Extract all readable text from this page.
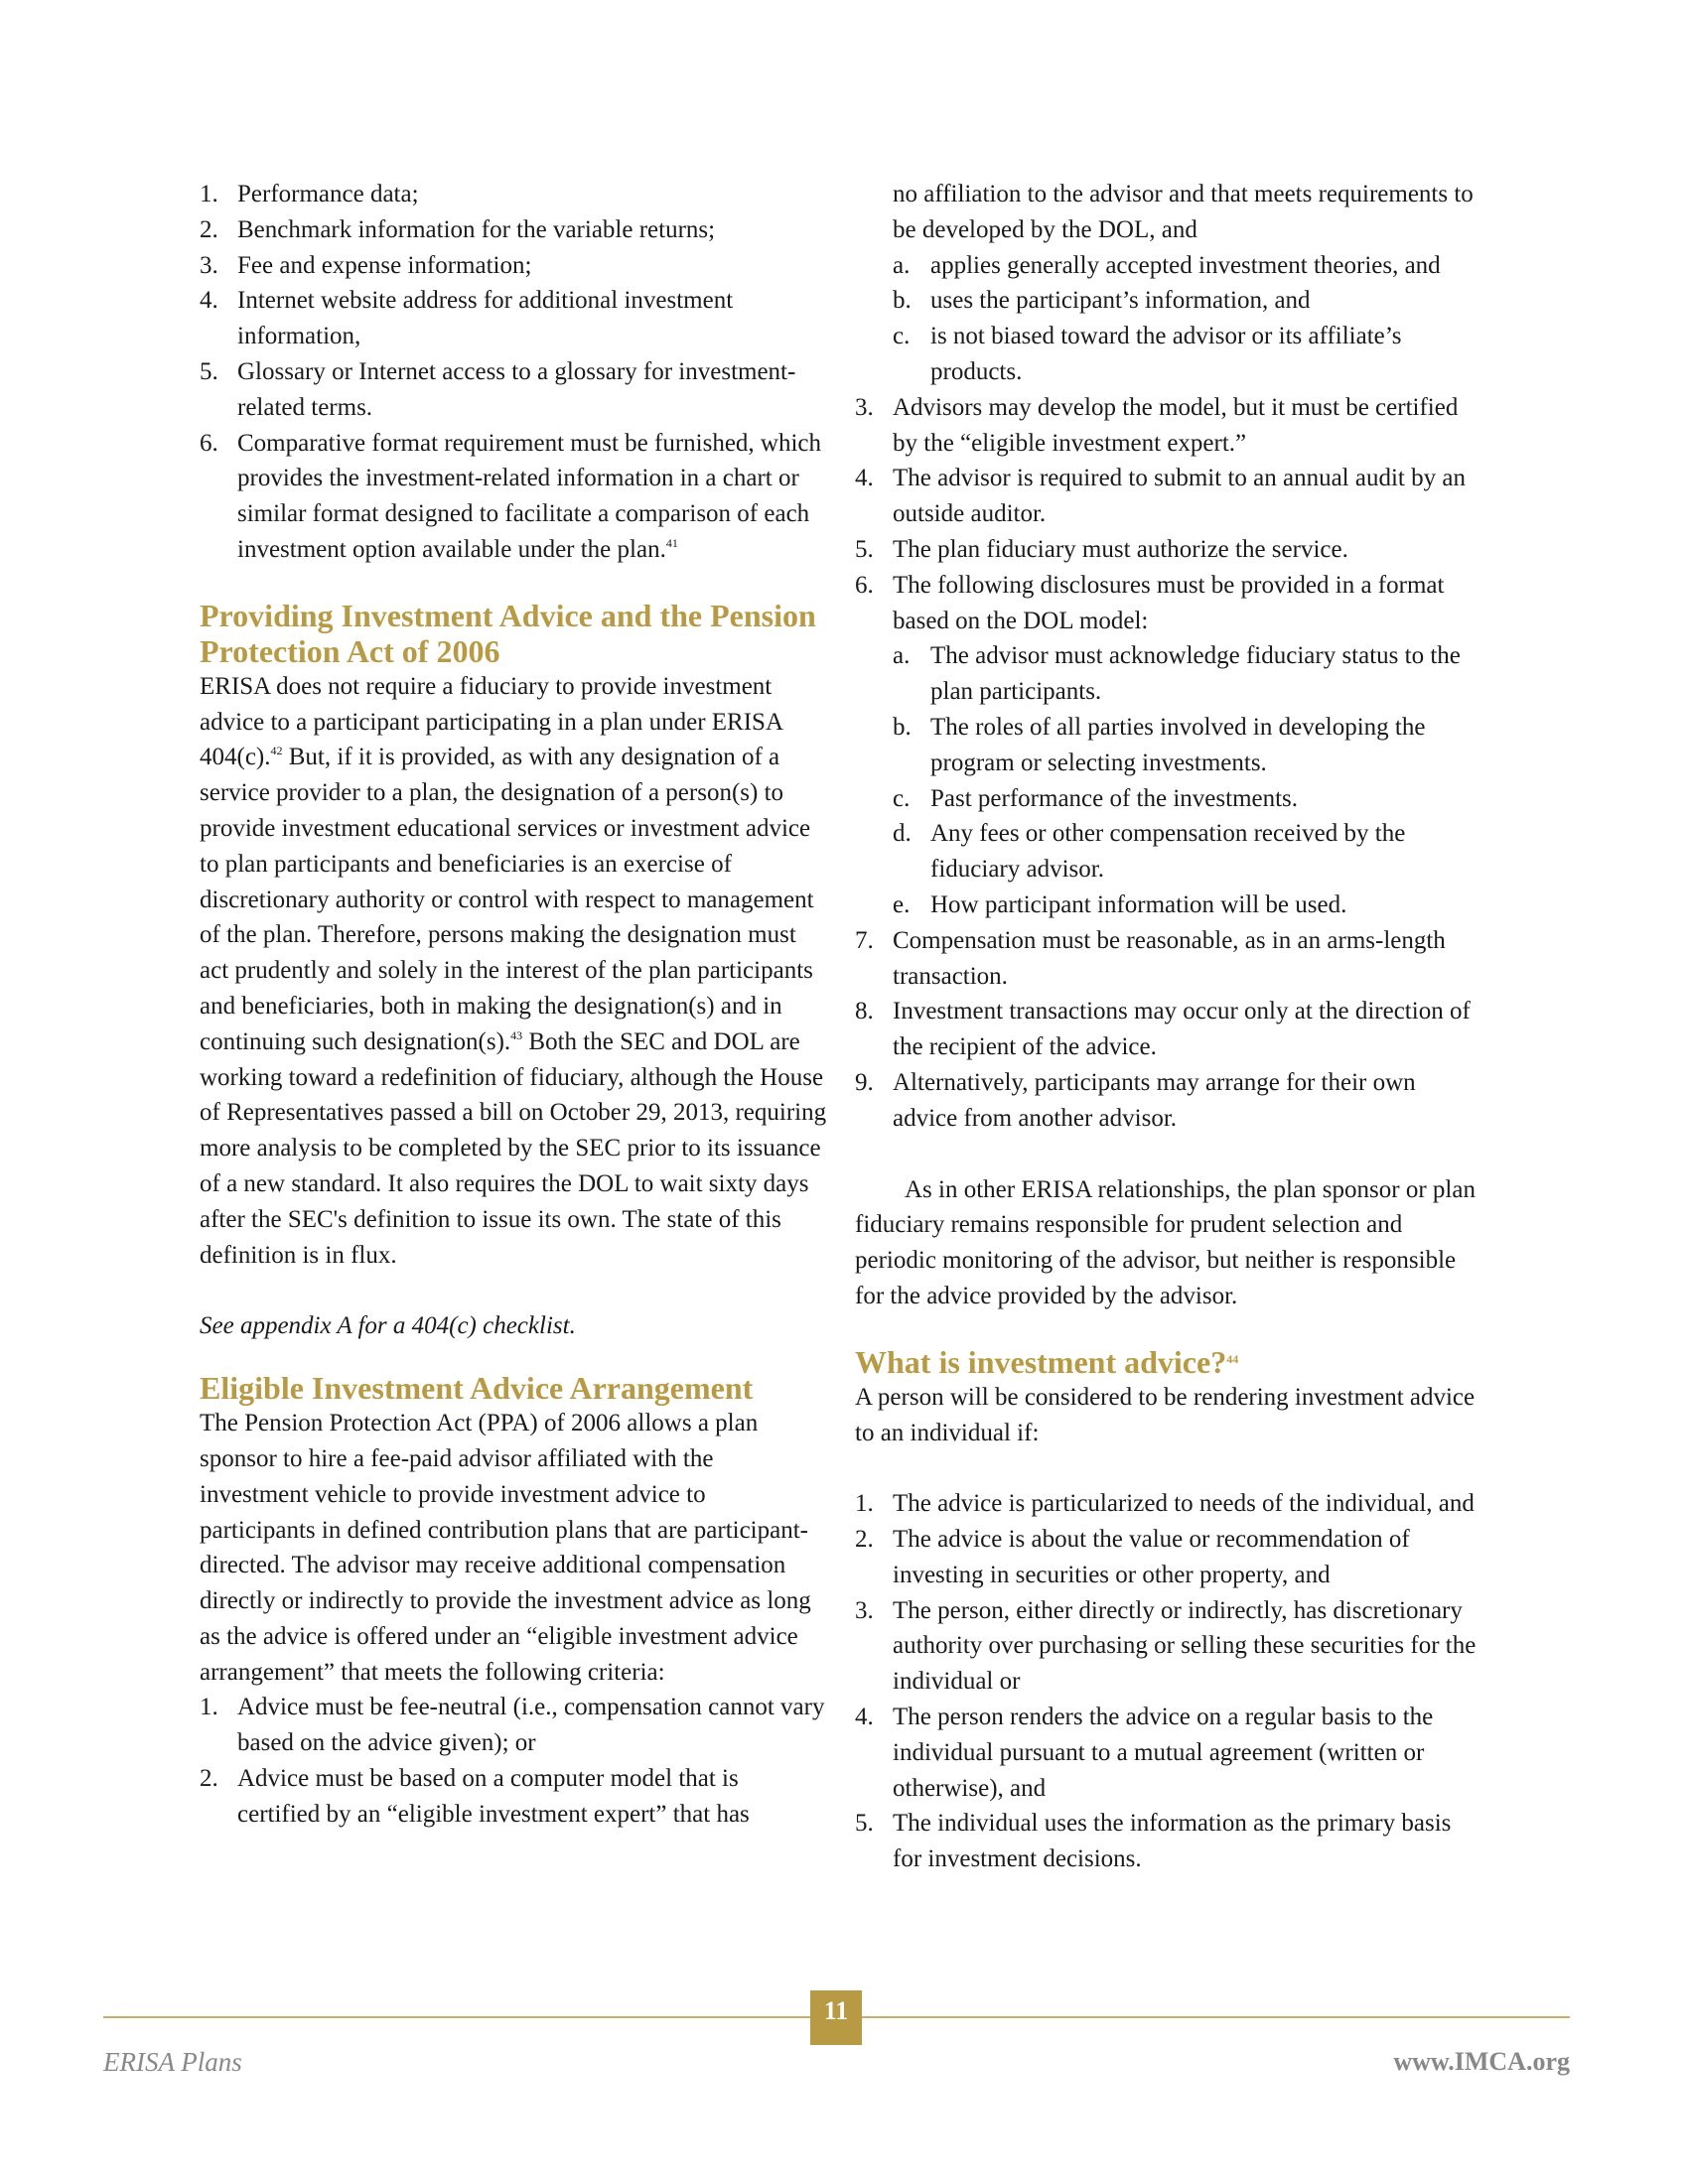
1. Performance data;
2. Benchmark information for the variable returns;
3. Fee and expense information;
4. Internet website address for additional investment information,
5. Glossary or Internet access to a glossary for investment-related terms.
6. Comparative format requirement must be furnished, which provides the investment-related information in a chart or similar format designed to facilitate a comparison of each investment option available under the plan.$^{41}$
Providing Investment Advice and the Pension Protection Act of 2006

ERISA does not require a fiduciary to provide investment advice to a participant participating in a plan under ERISA 404(c).$^{42}$ But, if it is provided, as with any designation of a service provider to a plan, the designation of a person(s) to provide investment educational services or investment advice to plan participants and beneficiaries is an exercise of discretionary authority or control with respect to management of the plan. Therefore, persons making the designation must act prudently and solely in the interest of the plan participants and beneficiaries, both in making the designation(s) and in continuing such designation(s).$^{43}$ Both the SEC and DOL are working toward a redefinition of fiduciary, although the House of Representatives passed a bill on October 29, 2013, requiring more analysis to be completed by the SEC prior to its issuance of a new standard. It also requires the DOL to wait sixty days after the SEC's definition to issue its own. The state of this definition is in flux.

See appendix A for a 404(c) checklist.

Eligible Investment Advice Arrangement

The Pension Protection Act (PPA) of 2006 allows a plan sponsor to hire a fee-paid advisor affiliated with the investment vehicle to provide investment advice to participants in defined contribution plans that are participant-directed. The advisor may receive additional compensation directly or indirectly to provide the investment advice as long as the advice is offered under an “eligible investment advice arrangement” that meets the following criteria:

1. Advice must be fee-neutral (i.e., compensation cannot vary based on the advice given); or
2. Advice must be based on a computer model that is certified by an “eligible investment expert” that has

no affiliation to the advisor and that meets requirements to be developed by the DOL, and

a. applies generally accepted investment theories, and
b. uses the participant’s information, and
c. is not biased toward the advisor or its affiliate’s products.
3. Advisors may develop the model, but it must be certified by the “eligible investment expert.”
4. The advisor is required to submit to an annual audit by an outside auditor.
5. The plan fiduciary must authorize the service.
6. The following disclosures must be provided in a format based on the DOL model:
a. The advisor must acknowledge fiduciary status to the plan participants.
b. The roles of all parties involved in developing the program or selecting investments.
c. Past performance of the investments.
d. Any fees or other compensation received by the fiduciary advisor.
e. How participant information will be used.
7. Compensation must be reasonable, as in an arms-length transaction.
8. Investment transactions may occur only at the direction of the recipient of the advice.
9. Alternatively, participants may arrange for their own advice from another advisor.

As in other ERISA relationships, the plan sponsor or plan fiduciary remains responsible for prudent selection and periodic monitoring of the advisor, but neither is responsible for the advice provided by the advisor.

What is investment advice?$^{44}$

A person will be considered to be rendering investment advice to an individual if:

1. The advice is particularized to needs of the individual, and
2. The advice is about the value or recommendation of investing in securities or other property, and
3. The person, either directly or indirectly, has discretionary authority over purchasing or selling these securities for the individual or
4. The person renders the advice on a regular basis to the individual pursuant to a mutual agreement (written or otherwise), and
5. The individual uses the information as the primary basis for investment decisions.
11
ERISA Plans	www.IMCA.org
